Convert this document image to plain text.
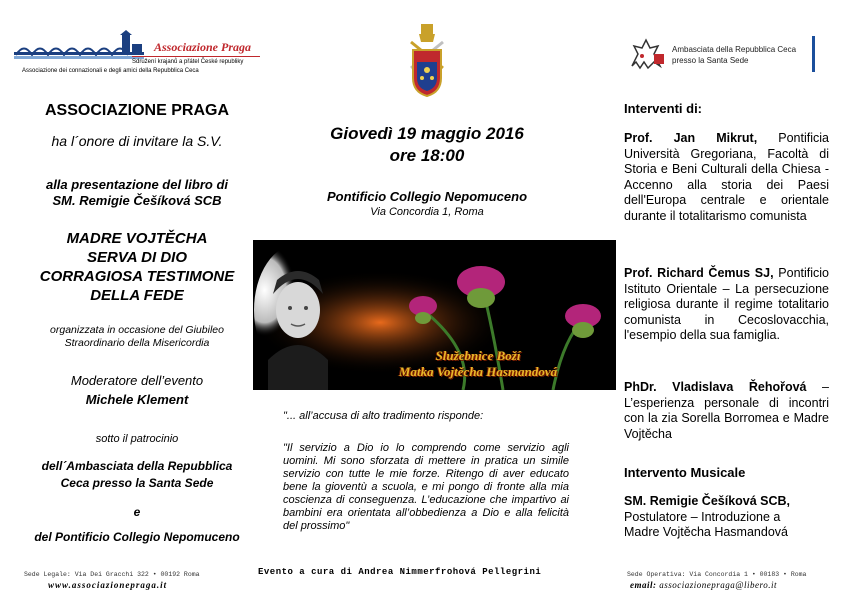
Associazione Praga
Sdružení krajanů a přátel České republiky
Associazione dei connazionali e degli amici della Repubblica Ceca
Ambasciata della Repubblica Ceca
presso la Santa Sede
ASSOCIAZIONE PRAGA
ha l´onore di invitare la S.V.
alla presentazione del libro di
SM. Remigie Češíková SCB
MADRE VOJTĚCHA
SERVA DI DIO
CORRAGIOSA TESTIMONE
DELLA FEDE
organizzata in occasione del Giubileo
Straordinario della Misericordia
Moderatore dell’evento
Michele Klement
sotto il patrocinio
dell´Ambasciata della Repubblica
Ceca presso la Santa Sede
e
del Pontificio Collegio Nepomuceno
Giovedì 19 maggio 2016
ore 18:00
Pontificio Collegio Nepomuceno
Via Concordia 1, Roma
Služebnice Boží
Matka Vojtěcha Hasmandová
"... all’accusa di alto tradimento risponde:
"Il servizio a Dio io lo comprendo come servizio agli uomini. Mi sono sforzata di mettere in pratica un simile servizio con tutte le mie forze. Ritengo di aver educato bene la gioventù a scuola, e mi pongo di fronte alla mia coscienza di conseguenza. L’educazione che impartivo ai bambini era orientata all’obbedienza a Dio e alla felicità del prossimo"
Interventi di:
Prof. Jan Mikrut, Pontificia Università Gregoriana, Facoltà di Storia e Beni Culturali della Chiesa - Accenno alla storia dei Paesi dell'Europa centrale e orientale durante il totalitarismo comunista
Prof. Richard Čemus SJ, Pontificio Istituto Orientale – La persecuzione religiosa durante il regime totalitario comunista in Cecoslovacchia, l'esempio della sua famiglia.
PhDr. Vladislava Řehořová – L’esperienza personale di incontri con la zia Sorella Borromea e Madre Vojtěcha
Intervento Musicale
SM. Remigie Češíková SCB,
Postulatore – Introduzione a
Madre Vojtěcha Hasmandová
Sede Legale: Via Dei Gracchi 322 • 00192 Roma
www.associazionepraga.it
Evento a cura di Andrea Nimmerfrohová Pellegrini	Sede Operativa: Via Concordia 1 • 00183 • Roma
email: associazionepraga@libero.it
